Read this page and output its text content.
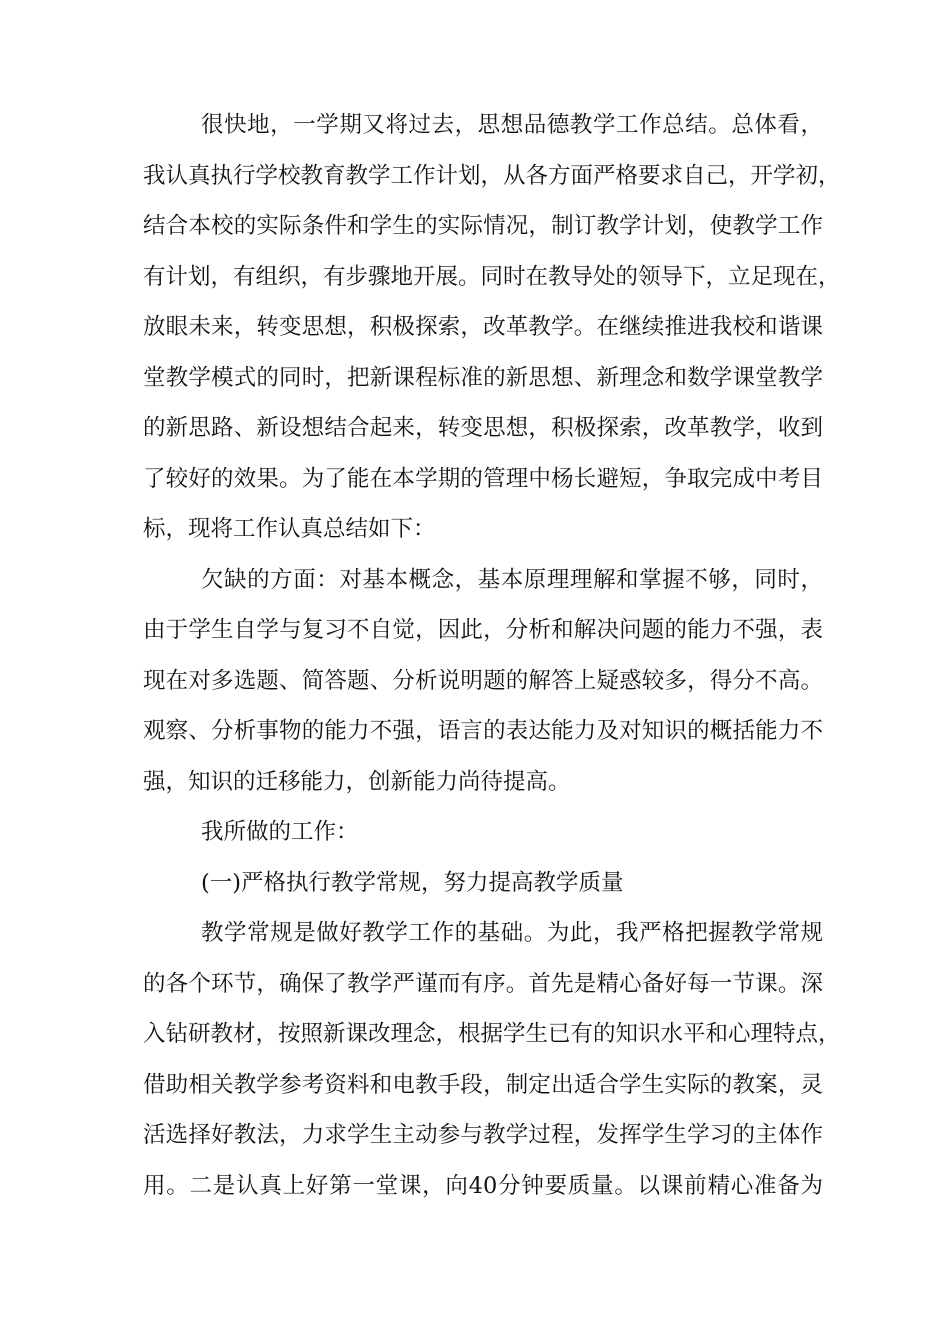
很快地，一学期又将过去，思想品德教学工作总结。总体看，
我认真执行学校教育教学工作计划，从各方面严格要求自己，开学初，
结合本校的实际条件和学生的实际情况，制订教学计划，使教学工作
有计划，有组织，有步骤地开展。同时在教导处的领导下，立足现在，
放眼未来，转变思想，积极探索，改革教学。在继续推进我校和谐课
堂教学模式的同时，把新课程标准的新思想、新理念和数学课堂教学
的新思路、新设想结合起来，转变思想，积极探索，改革教学，收到
了较好的效果。为了能在本学期的管理中杨长避短，争取完成中考目
标，现将工作认真总结如下：
欠缺的方面：对基本概念，基本原理理解和掌握不够，同时，
由于学生自学与复习不自觉，因此，分析和解决问题的能力不强，表
现在对多选题、简答题、分析说明题的解答上疑惑较多，得分不高。
观察、分析事物的能力不强，语言的表达能力及对知识的概括能力不
强，知识的迁移能力，创新能力尚待提高。
我所做的工作：
(一)严格执行教学常规，努力提高教学质量
教学常规是做好教学工作的基础。为此，我严格把握教学常规
的各个环节，确保了教学严谨而有序。首先是精心备好每一节课。深
入钻研教材，按照新课改理念，根据学生已有的知识水平和心理特点，
借助相关教学参考资料和电教手段，制定出适合学生实际的教案，灵
活选择好教法，力求学生主动参与教学过程，发挥学生学习的主体作
用。二是认真上好第一堂课，向40分钟要质量。以课前精心准备为
